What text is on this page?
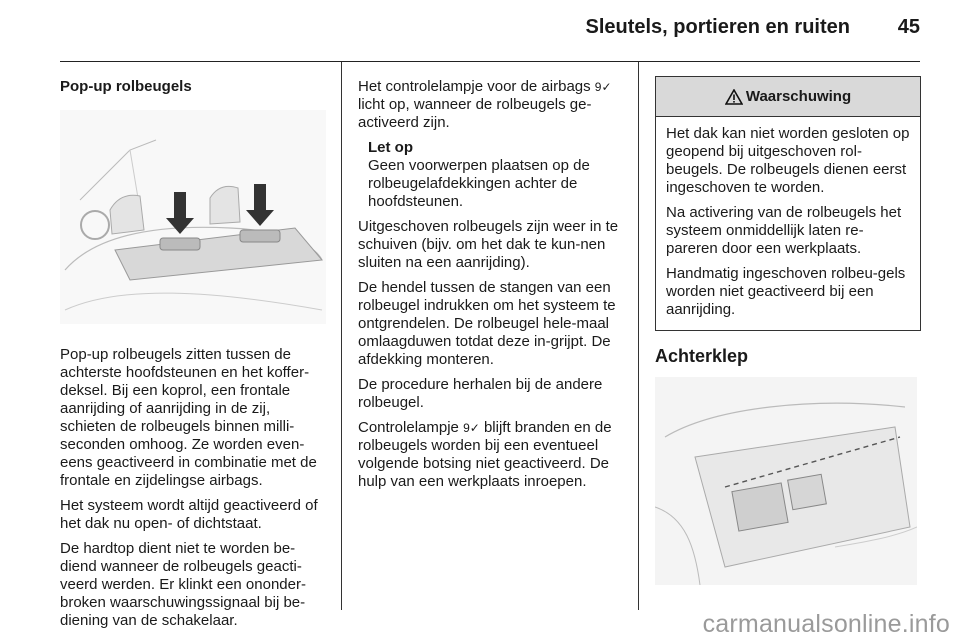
Sleutels, portieren en ruiten 45
Pop-up rolbeugels

Pop-up rolbeugels zitten tussen de achterste hoofdsteunen en het koffer-deksel. Bij een koprol, een frontale aanrijding of aanrijding in de zij, schieten de rolbeugels binnen milli-seconden omhoog. Ze worden even-eens geactiveerd in combinatie met de frontale en zijdelingse airbags.

Het systeem wordt altijd geactiveerd of het dak nu open- of dichtstaat.

De hardtop dient niet te worden be-diend wanneer de rolbeugels geacti-veerd werden. Er klinkt een ononder-broken waarschuwingssignaal bij be-diening van de schakelaar.

Het controlelampje voor de airbags 9✓ licht op, wanneer de rolbeugels ge-activeerd zijn.

Let op
Geen voorwerpen plaatsen op de rolbeugelafdekkingen achter de hoofdsteunen.

Uitgeschoven rolbeugels zijn weer in te schuiven (bijv. om het dak te kun-nen sluiten na een aanrijding).

De hendel tussen de stangen van een rolbeugel indrukken om het systeem te ontgrendelen. De rolbeugel hele-maal omlaagduwen totdat deze in-grijpt. De afdekking monteren.

De procedure herhalen bij de andere rolbeugel.

Controlelampje 9✓ blijft branden en de rolbeugels worden bij een eventueel volgende botsing niet geactiveerd. De hulp van een werkplaats inroepen.

Waarschuwing

Het dak kan niet worden gesloten op geopend bij uitgeschoven rol-beugels. De rolbeugels dienen eerst ingeschoven te worden.

Na activering van de rolbeugels het systeem onmiddellijk laten re-pareren door een werkplaats.

Handmatig ingeschoven rolbeu-gels worden niet geactiveerd bij een aanrijding.

Achterklep
carmanualsonline.info
